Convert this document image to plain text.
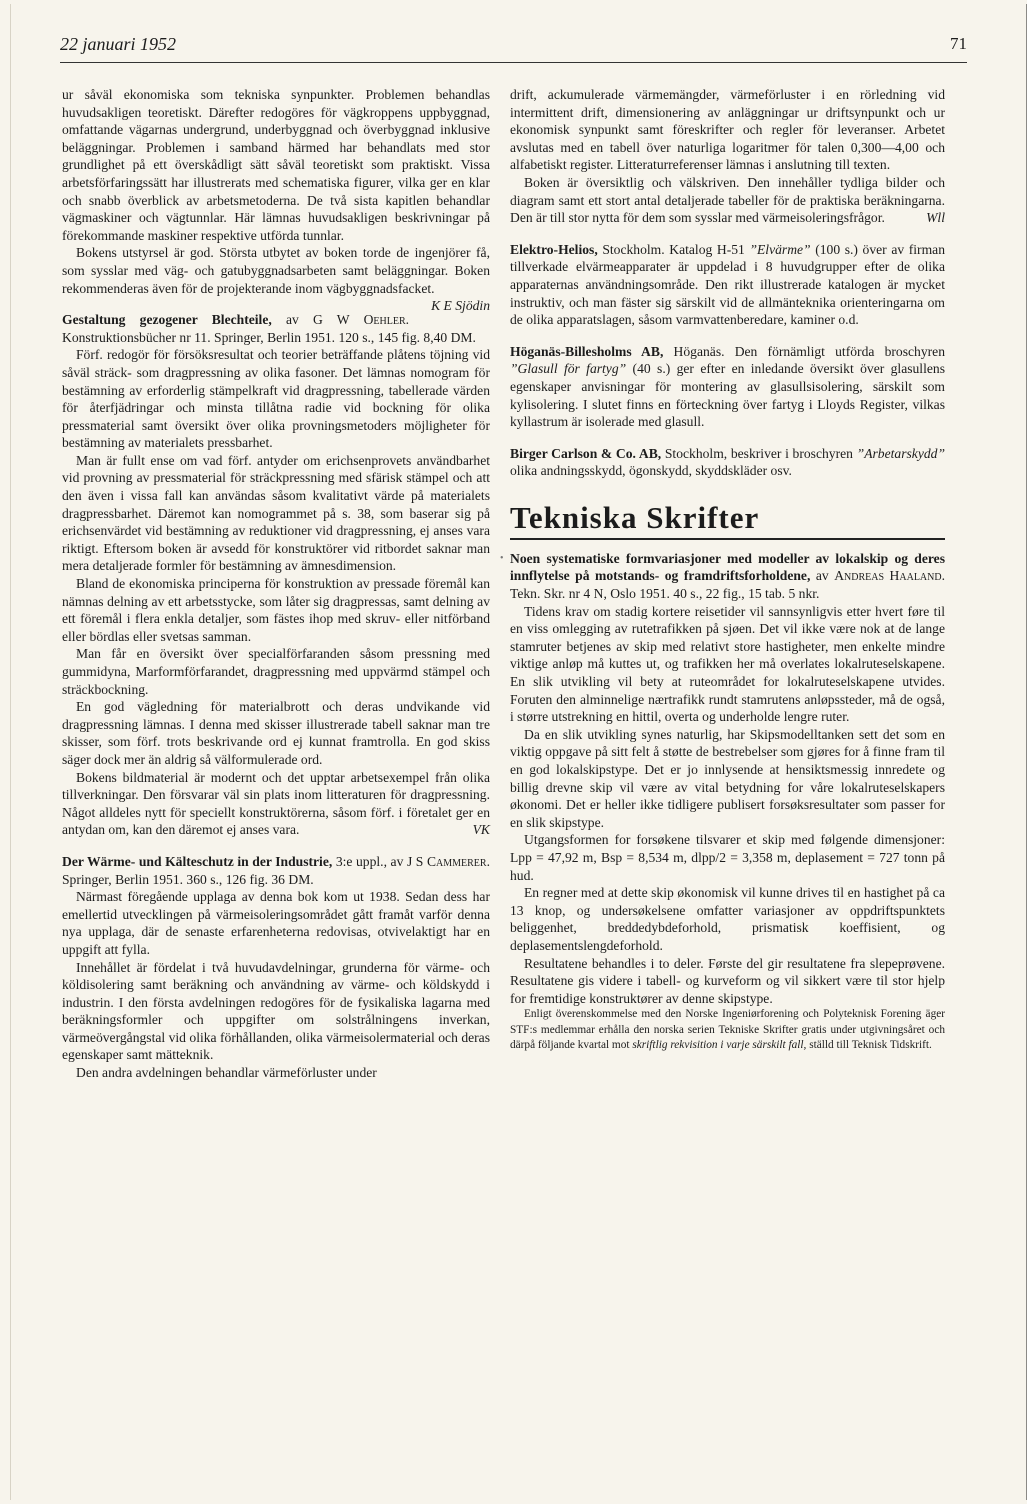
22 januari 1952	71

ur såväl ekonomiska som tekniska synpunkter. Problemen behandlas huvudsakligen teoretiskt. Därefter redogöres för vägkroppens uppbyggnad, omfattande vägarnas undergrund, underbyggnad och överbyggnad inklusive beläggningar. Problemen i samband härmed har behandlats med stor grundlighet på ett överskådligt sätt såväl teoretiskt som praktiskt. Vissa arbetsförfaringssätt har illustrerats med schematiska figurer, vilka ger en klar och snabb överblick av arbetsmetoderna. De två sista kapitlen behandlar vägmaskiner och vägtunnlar. Här lämnas huvudsakligen beskrivningar på förekommande maskiner respektive utförda tunnlar.

Bokens utstyrsel är god. Största utbytet av boken torde de ingenjörer få, som sysslar med väg- och gatubyggnadsarbeten samt beläggningar. Boken rekommenderas även för de projekterande inom vägbyggnadsfacket.
K E Sjödin

Gestaltung gezogener Blechteile, av G W Oehler. Konstruktionsbücher nr 11. Springer, Berlin 1951. 120 s., 145 fig. 8,40 DM.

Förf. redogör för försöksresultat och teorier beträffande plåtens töjning vid såväl sträck- som dragpressning av olika fasoner. Det lämnas nomogram för bestämning av erforderlig stämpelkraft vid dragpressning, tabellerade värden för återfjädringar och minsta tillåtna radie vid bockning för olika pressmaterial samt översikt över olika provningsmetoders möjligheter för bestämning av materialets pressbarhet.

Man är fullt ense om vad förf. antyder om erichsenprovets användbarhet vid provning av pressmaterial för sträckpressning med sfärisk stämpel och att den även i vissa fall kan användas såsom kvalitativt värde på materialets dragpressbarhet. Däremot kan nomogrammet på s. 38, som baserar sig på erichsenvärdet vid bestämning av reduktioner vid dragpressning, ej anses vara riktigt. Eftersom boken är avsedd för konstruktörer vid ritbordet saknar man mera detaljerade formler för bestämning av ämnesdimension.

Bland de ekonomiska principerna för konstruktion av pressade föremål kan nämnas delning av ett arbetsstycke, som låter sig dragpressas, samt delning av ett föremål i flera enkla detaljer, som fästes ihop med skruv- eller nitförband eller bördlas eller svetsas samman.

Man får en översikt över specialförfaranden såsom pressning med gummidyna, Marformförfarandet, dragpressning med uppvärmd stämpel och sträckbockning.

En god vägledning för materialbrott och deras undvikande vid dragpressning lämnas. I denna med skisser illustrerade tabell saknar man tre skisser, som förf. trots beskrivande ord ej kunnat framtrolla. En god skiss säger dock mer än aldrig så välformulerade ord.

Bokens bildmaterial är modernt och det upptar arbetsexempel från olika tillverkningar. Den försvarar väl sin plats inom litteraturen för dragpressning. Något alldeles nytt för speciellt konstruktörerna, såsom förf. i företalet ger en antydan om, kan den däremot ej anses vara.	VK

Der Wärme- und Kälteschutz in der Industrie, 3:e uppl., av J S Cammerer. Springer, Berlin 1951. 360 s., 126 fig. 36 DM.

Närmast föregående upplaga av denna bok kom ut 1938. Sedan dess har emellertid utvecklingen på värmeisoleringsområdet gått framåt varför denna nya upplaga, där de senaste erfarenheterna redovisas, otvivelaktigt har en uppgift att fylla.

Innehållet är fördelat i två huvudavdelningar, grunderna för värme- och köldisolering samt beräkning och användning av värme- och köldskydd i industrin. I den första avdelningen redogöres för de fysikaliska lagarna med beräkningsformler och uppgifter om solstrålningens inverkan, värmeövergångstal vid olika förhållanden, olika värmeisolermaterial och deras egenskaper samt mätteknik.

Den andra avdelningen behandlar värmeförluster under

drift, ackumulerade värmemängder, värmeförluster i en rörledning vid intermittent drift, dimensionering av anläggningar ur driftsynpunkt och ur ekonomisk synpunkt samt föreskrifter och regler för leveranser. Arbetet avslutas med en tabell över naturliga logaritmer för talen 0,300—4,00 och alfabetiskt register. Litteraturreferenser lämnas i anslutning till texten.

Boken är översiktlig och välskriven. Den innehåller tydliga bilder och diagram samt ett stort antal detaljerade tabeller för de praktiska beräkningarna. Den är till stor nytta för dem som sysslar med värmeisoleringsfrågor.	Wll

Elektro-Helios, Stockholm. Katalog H-51 ”Elvärme” (100 s.) över av firman tillverkade elvärmeapparater är uppdelad i 8 huvudgrupper efter de olika apparaternas användningsområde. Den rikt illustrerade katalogen är mycket instruktiv, och man fäster sig särskilt vid de allmänteknika orienteringarna om de olika apparatslagen, såsom varmvattenberedare, kaminer o.d.

Höganäs-Billesholms AB, Höganäs. Den förnämligt utförda broschyren ”Glasull för fartyg” (40 s.) ger efter en inledande översikt över glasullens egenskaper anvisningar för montering av glasullsisolering, särskilt som kylisolering. I slutet finns en förteckning över fartyg i Lloyds Register, vilkas kyllastrum är isolerade med glasull.

Birger Carlson & Co. AB, Stockholm, beskriver i broschyren ”Arbetarskydd” olika andningsskydd, ögonskydd, skyddskläder osv.

Tekniska Skrifter

• Noen systematiske formvariasjoner med modeller av lokalskip og deres innflytelse på motstands- og framdriftsforholdene, av Andreas Haaland. Tekn. Skr. nr 4 N, Oslo 1951. 40 s., 22 fig., 15 tab. 5 nkr.

Tidens krav om stadig kortere reisetider vil sannsynligvis etter hvert føre til en viss omlegging av rutetrafikken på sjøen. Det vil ikke være nok at de lange stamruter betjenes av skip med relativt store hastigheter, men enkelte mindre viktige anløp må kuttes ut, og trafikken her må overlates lokalruteselskapene. En slik utvikling vil bety at ruteområdet for lokalruteselskapene utvides. Foruten den alminnelige nærtrafikk rundt stamrutens anløpssteder, må de også, i større utstrekning en hittil, overta og underholde lengre ruter.

Da en slik utvikling synes naturlig, har Skipsmodelltanken sett det som en viktig oppgave på sitt felt å støtte de bestrebelser som gjøres for å finne fram til en god lokalskipstype. Det er jo innlysende at hensiktsmessig innredete og billig drevne skip vil være av vital betydning for våre lokalruteselskapers økonomi. Det er heller ikke tidligere publisert forsøksresultater som passer for en slik skipstype.

Utgangsformen for forsøkene tilsvarer et skip med følgende dimensjoner: Lpp = 47,92 m, Bsp = 8,534 m, dlpp/2 = 3,358 m, deplasement = 727 tonn på hud.

En regner med at dette skip økonomisk vil kunne drives til en hastighet på ca 13 knop, og undersøkelsene omfatter variasjoner av oppdriftspunktets beliggenhet, breddedybdeforhold, prismatisk koeffisient, og deplasementslengdeforhold.

Resultatene behandles i to deler. Første del gir resultatene fra slepeprøvene. Resultatene gis videre i tabell- og kurveform og vil sikkert være til stor hjelp for fremtidige konstruktører av denne skipstype.

Enligt överenskommelse med den Norske Ingeniørforening och Polyteknisk Forening äger STF:s medlemmar erhålla den norska serien Tekniske Skrifter gratis under utgivningsåret och därpå följande kvartal mot skriftlig rekvisition i varje särskilt fall, ställd till Teknisk Tidskrift.
